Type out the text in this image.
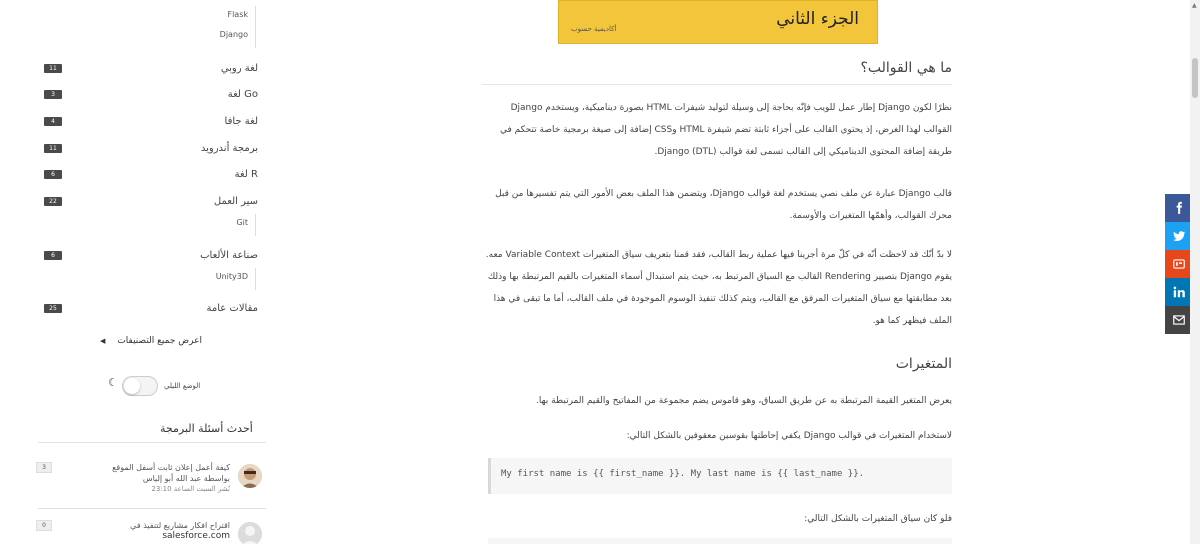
Flask
Django
11	لغة روبي
3	لغة Go
4	لغة جافا
11	برمجة أندرويد
6	لغة R
22	سير العمل
Git
6	صناعة الألعاب
Unity3D
25	مقالات عامة
◀ اعرض جميع التصنيفات
☾	الوضع الليلي
أحدث أسئلة البرمجة
3	كيفة أعمل إعلان ثابت أسفل الموقع
بواسطة عبد الله أبو إلياس
نُشر السبت الساعة 23:10
0	اقتراح افكار مشاريع لتنفيذ في
salesforce.com
الجزء الثاني
أكاديمية حسوب
ما هي القوالب؟

نظرًا لكون Django إطار عمل للويب فإنّه بحاجة إلى وسيلة لتوليد شيفرات HTML بصورة ديناميكية، ويستخدم Django القوالب لهذا الغرض، إذ يحتوي القالب على أجزاء ثابتة تضم شيفرة HTML وCSS إضافة إلى صيغة برمجية خاصة تتحكم في طريقة إضافة المحتوى الديناميكي إلى القالب تسمى لغة قوالب Django (DTL).

قالب Django عبارة عن ملف نصي يستخدم لغة قوالب Django، ويتضمن هذا الملف بعض الأمور التي يتم تفسيرها من قبل محرك القوالب، وأهمّها المتغيرات والأوسمة.

لا بدّ أنّك قد لاحظت أنّه في كلّ مرة أجرينا فيها عملية ربط القالب، فقد قمنا بتعريف سياق المتغيرات Variable Context معه. يقوم Django بتصيير Rendering القالب مع السياق المرتبط به، حيث يتم استبدال أسماء المتغيرات بالقيم المرتبطة بها وذلك بعد مطابقتها مع سياق المتغيرات المرفق مع القالب، ويتم كذلك تنفيذ الوسوم الموجودة في ملف القالب، أما ما تبقى في هذا الملف فيظهر كما هو.

المتغيرات

يعرض المتغير القيمة المرتبطة به عن طريق السياق، وهو قاموس يضم مجموعة من المفاتيح والقيم المرتبطة بها.

لاستخدام المتغيرات في قوالب Django يكفي إحاطتها بقوسين معقوفين بالشكل التالي:

My first name is {{ first_name }}. My last name is {{ last_name }}.

فلو كان سياق المتغيرات بالشكل التالي:

▲
